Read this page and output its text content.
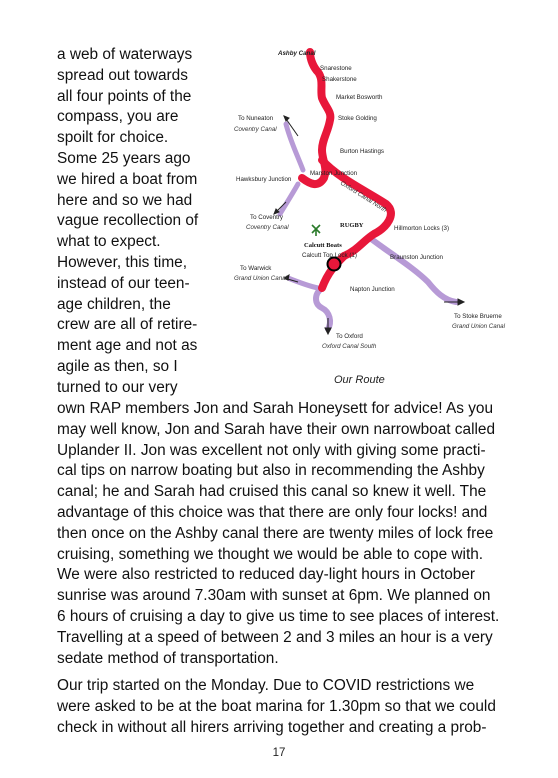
a web of waterways
spread out towards
all four points of the
compass, you are
spoilt for choice.
Some 25 years ago
we hired a boat from
here and so we had
vague recollection of
what to expect.
However, this time,
instead of our teen-
age children, the
crew are all of retire-
ment age and not as
agile as then, so I
turned to our very
Ashby Canal
Snarestone
Shakerstone
Market Bosworth
Stoke Golding
Burton Hastings
Marston Junction
Hawksbury Junction
Oxford Canal North
To Nuneaton
Coventry Canal
To Coventry
Coventry Canal	RUGBY	Hillmorton Locks (3)
Calcutt Boats
Calcutt Top Lock (1)	Braunston Junction
To Warwick
Grand Union Canal
Napton Junction
To Oxford
Oxford Canal South
To Stoke Bruerne
Grand Union Canal
Our Route
own RAP members Jon and Sarah Honeysett for advice! As you
may well know, Jon and Sarah have their own narrowboat called
Uplander II. Jon was excellent not only with giving some practi-
cal tips on narrow boating but also in recommending the Ashby
canal; he and Sarah had cruised this canal so knew it well. The
advantage of this choice was that there are only four locks! and
then once on the Ashby canal there are twenty miles of lock free
cruising, something we thought we would be able to cope with.
We were also restricted to reduced day-light hours in October
sunrise was around 7.30am with sunset at 6pm. We planned on
6 hours of cruising a day to give us time to see places of interest.
Travelling at a speed of between 2 and 3 miles an hour is a very
sedate method of transportation.
Our trip started on the Monday. Due to COVID restrictions we
were asked to be at the boat marina for 1.30pm so that we could
check in without all hirers arriving together and creating a prob-
17
